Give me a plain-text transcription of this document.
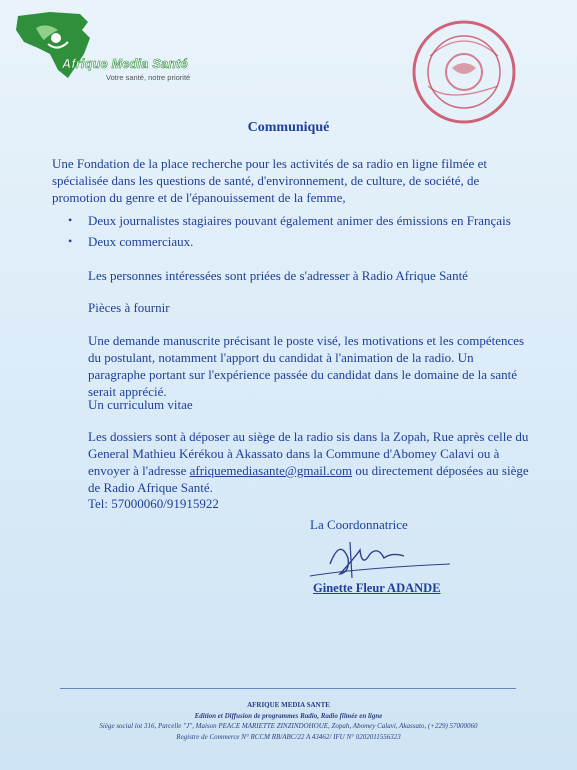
Afrique Media Santé
Votre santé, notre priorité
Communiqué
Une Fondation de la place recherche pour les activités de sa radio en ligne filmée et spécialisée dans les questions de santé, d'environnement, de culture, de société, de promotion du genre et de l'épanouissement de la femme,
• Deux journalistes stagiaires pouvant également animer des émissions en Français
• Deux commerciaux.
Les personnes intéressées sont priées de s'adresser à Radio Afrique Santé
Pièces à fournir
Une demande manuscrite précisant le poste visé, les motivations et les compétences du postulant, notamment l'apport du candidat à l'animation de la radio. Un paragraphe portant sur l'expérience passée du candidat dans le domaine de la santé serait apprécié.
Un curriculum vitae
Les dossiers sont à déposer au siège de la radio sis dans la Zopah, Rue après celle du General Mathieu Kérékou à Akassato dans la Commune d'Abomey Calavi ou à envoyer à l'adresse afriquemediasante@gmail.com ou directement déposées au siège de Radio Afrique Santé.
Tel: 57000060/91915922
La Coordonnatrice
Ginette Fleur ADANDE
AFRIQUE MEDIA SANTE
Edition et Diffusion de programmes Radio, Radio filmée en ligne
Siège social lot 316, Parcelle "J", Maison PEACE MARIETTE ZINZINDOHOUE, Zopah, Abomey Calavi, Akassato, (+229) 57000060
Registre de Commerce N° RCCM RB/ABC/22 A 43462/ IFU N° 0202011556323
